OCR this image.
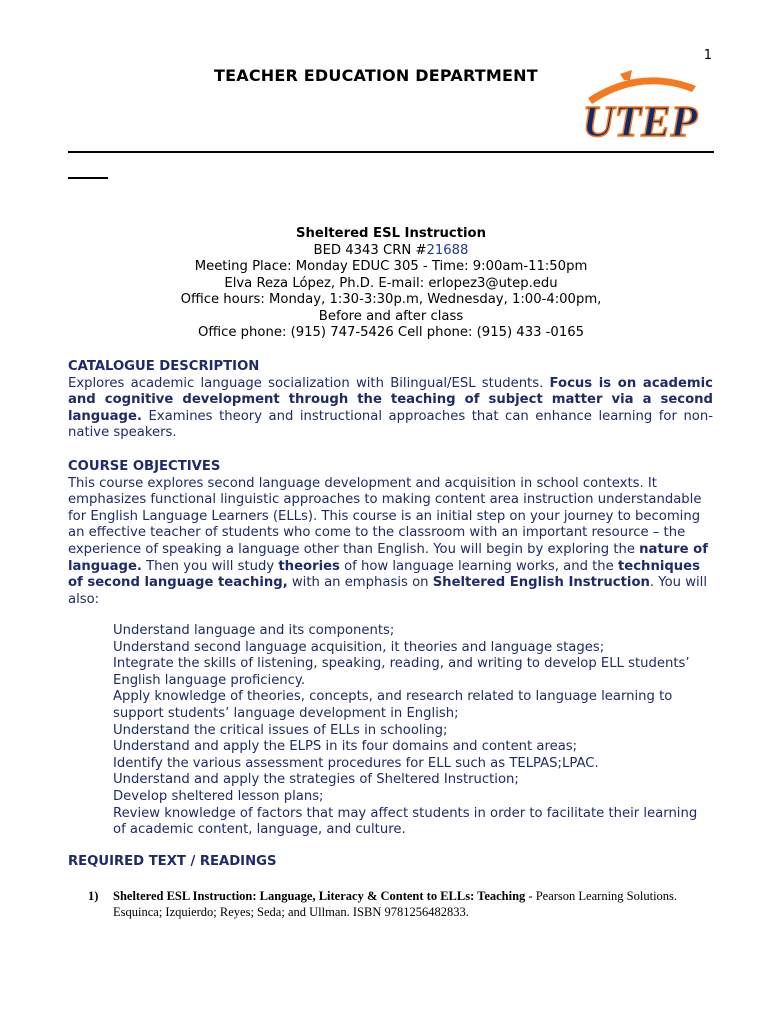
1
TEACHER EDUCATION DEPARTMENT
UTEP
Sheltered ESL Instruction
BED 4343 CRN #21688
Meeting Place: Monday EDUC 305 - Time: 9:00am-11:50pm
Elva Reza López, Ph.D. E-mail: erlopez3@utep.edu
Office hours: Monday, 1:30-3:30p.m, Wednesday, 1:00-4:00pm,
Before and after class
Office phone: (915) 747-5426 Cell phone: (915) 433 -0165
CATALOGUE DESCRIPTION

Explores academic language socialization with Bilingual/ESL students. Focus is on academic and cognitive development through the teaching of subject matter via a second language. Examines theory and instructional approaches that can enhance learning for non-native speakers.

COURSE OBJECTIVES

This course explores second language development and acquisition in school contexts. It emphasizes functional linguistic approaches to making content area instruction understandable for English Language Learners (ELLs). This course is an initial step on your journey to becoming an effective teacher of students who come to the classroom with an important resource – the experience of speaking a language other than English. You will begin by exploring the nature of language. Then you will study theories of how language learning works, and the techniques of second language teaching, with an emphasis on Sheltered English Instruction. You will also:

Understand language and its components;
Understand second language acquisition, it theories and language stages;
Integrate the skills of listening, speaking, reading, and writing to develop ELL students’ English language proficiency.
Apply knowledge of theories, concepts, and research related to language learning to support students’ language development in English;
Understand the critical issues of ELLs in schooling;
Understand and apply the ELPS in its four domains and content areas;
Identify the various assessment procedures for ELL such as TELPAS;LPAC.
Understand and apply the strategies of Sheltered Instruction;
Develop sheltered lesson plans;
Review knowledge of factors that may affect students in order to facilitate their learning of academic content, language, and culture.
REQUIRED TEXT / READINGS
1)	Sheltered ESL Instruction: Language, Literacy & Content to ELLs: Teaching - Pearson Learning Solutions. Esquinca; Izquierdo; Reyes; Seda; and Ullman. ISBN 9781256482833.
